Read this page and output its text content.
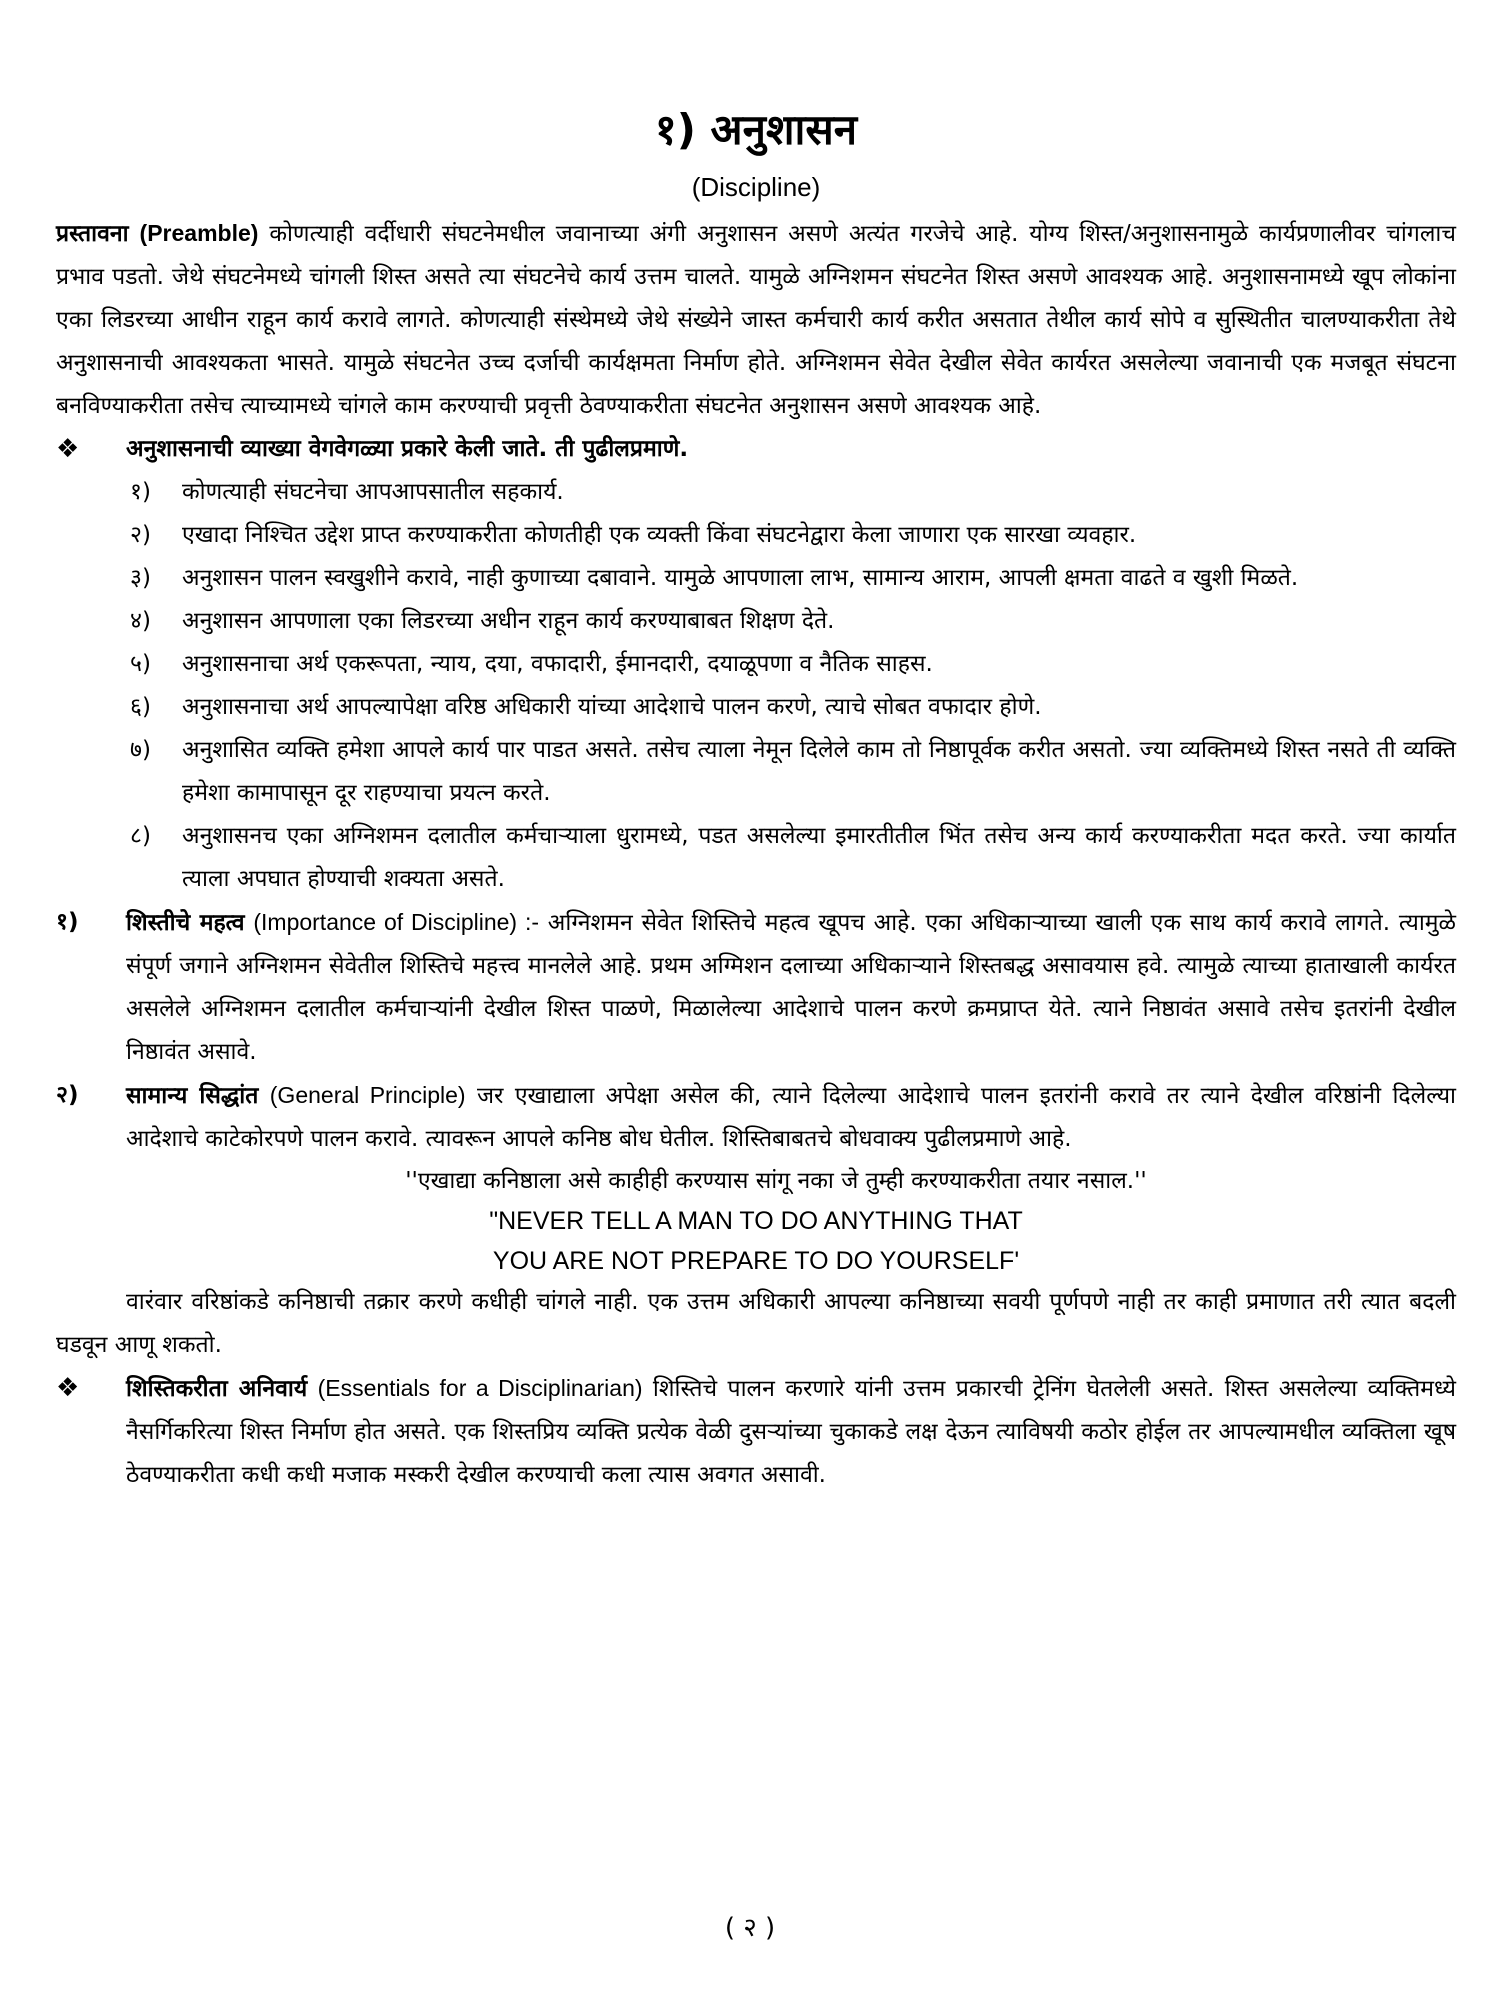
१) अनुशासन
(Discipline)

प्रस्तावना (Preamble) कोणत्याही वर्दीधारी संघटनेमधील जवानाच्या अंगी अनुशासन असणे अत्यंत गरजेचे आहे. योग्य शिस्त/अनुशासनामुळे कार्यप्रणालीवर चांगलाच प्रभाव पडतो. जेथे संघटनेमध्ये चांगली शिस्त असते त्या संघटनेचे कार्य उत्तम चालते. यामुळे अग्निशमन संघटनेत शिस्त असणे आवश्यक आहे. अनुशासनामध्ये खूप लोकांना एका लिडरच्या आधीन राहून कार्य करावे लागते. कोणत्याही संस्थेमध्ये जेथे संख्येने जास्त कर्मचारी कार्य करीत असतात तेथील कार्य सोपे व सुस्थितीत चालण्याकरीता तेथे अनुशासनाची आवश्यकता भासते. यामुळे संघटनेत उच्च दर्जाची कार्यक्षमता निर्माण होते. अग्निशमन सेवेत देखील सेवेत कार्यरत असलेल्या जवानाची एक मजबूत संघटना बनविण्याकरीता तसेच त्याच्यामध्ये चांगले काम करण्याची प्रवृत्ती ठेवण्याकरीता संघटनेत अनुशासन असणे आवश्यक आहे.

❖ अनुशासनाची व्याख्या वेगवेगळ्या प्रकारे केली जाते. ती पुढीलप्रमाणे.
१) कोणत्याही संघटनेचा आपआपसातील सहकार्य.
२) एखादा निश्चित उद्देश प्राप्त करण्याकरीता कोणतीही एक व्यक्ती किंवा संघटनेद्वारा केला जाणारा एक सारखा व्यवहार.
३) अनुशासन पालन स्वखुशीने करावे, नाही कुणाच्या दबावाने. यामुळे आपणाला लाभ, सामान्य आराम, आपली क्षमता वाढते व खुशी मिळते.
४) अनुशासन आपणाला एका लिडरच्या अधीन राहून कार्य करण्याबाबत शिक्षण देते.
५) अनुशासनाचा अर्थ एकरूपता, न्याय, दया, वफादारी, ईमानदारी, दयाळूपणा व नैतिक साहस.
६) अनुशासनाचा अर्थ आपल्यापेक्षा वरिष्ठ अधिकारी यांच्या आदेशाचे पालन करणे, त्याचे सोबत वफादार होणे.
७) अनुशासित व्यक्ति हमेशा आपले कार्य पार पाडत असते. तसेच त्याला नेमून दिलेले काम तो निष्ठापूर्वक करीत असतो. ज्या व्यक्तिमध्ये शिस्त नसते ती व्यक्ति हमेशा कामापासून दूर राहण्याचा प्रयत्न करते.
८) अनुशासनच एका अग्निशमन दलातील कर्मचाऱ्याला धुरामध्ये, पडत असलेल्या इमारतीतील भिंत तसेच अन्य कार्य करण्याकरीता मदत करते. ज्या कार्यात त्याला अपघात होण्याची शक्यता असते.
१) शिस्तीचे महत्व (Importance of Discipline) :- अग्निशमन सेवेत शिस्तिचे महत्व खूपच आहे. एका अधिकाऱ्याच्या खाली एक साथ कार्य करावे लागते. त्यामुळे संपूर्ण जगाने अग्निशमन सेवेतील शिस्तिचे महत्त्व मानलेले आहे. प्रथम अग्मिशन दलाच्या अधिकाऱ्याने शिस्तबद्ध असावयास हवे. त्यामुळे त्याच्या हाताखाली कार्यरत असलेले अग्निशमन दलातील कर्मचाऱ्यांनी देखील शिस्त पाळणे, मिळालेल्या आदेशाचे पालन करणे क्रमप्राप्त येते. त्याने निष्ठावंत असावे तसेच इतरांनी देखील निष्ठावंत असावे.
२) सामान्य सिद्धांत (General Principle) जर एखाद्याला अपेक्षा असेल की, त्याने दिलेल्या आदेशाचे पालन इतरांनी करावे तर त्याने देखील वरिष्ठांनी दिलेल्या आदेशाचे काटेकोरपणे पालन करावे. त्यावरून आपले कनिष्ठ बोध घेतील. शिस्तिबाबतचे बोधवाक्य पुढीलप्रमाणे आहे.
''एखाद्या कनिष्ठाला असे काहीही करण्यास सांगू नका जे तुम्ही करण्याकरीता तयार नसाल.''
"NEVER TELL A MAN TO DO ANYTHING THAT
YOU ARE NOT PREPARE TO DO YOURSELF'

वारंवार वरिष्ठांकडे कनिष्ठाची तक्रार करणे कधीही चांगले नाही. एक उत्तम अधिकारी आपल्या कनिष्ठाच्या सवयी पूर्णपणे नाही तर काही प्रमाणात तरी त्यात बदली घडवून आणू शकतो.

❖ शिस्तिकरीता अनिवार्य (Essentials for a Disciplinarian) शिस्तिचे पालन करणारे यांनी उत्तम प्रकारची ट्रेनिंग घेतलेली असते. शिस्त असलेल्या व्यक्तिमध्ये नैसर्गिकरित्या शिस्त निर्माण होत असते. एक शिस्तप्रिय व्यक्ति प्रत्येक वेळी दुसऱ्यांच्या चुकाकडे लक्ष देऊन त्याविषयी कठोर होईल तर आपल्यामधील व्यक्तिला खूष ठेवण्याकरीता कधी कधी मजाक मस्करी देखील करण्याची कला त्यास अवगत असावी.
( २ )
